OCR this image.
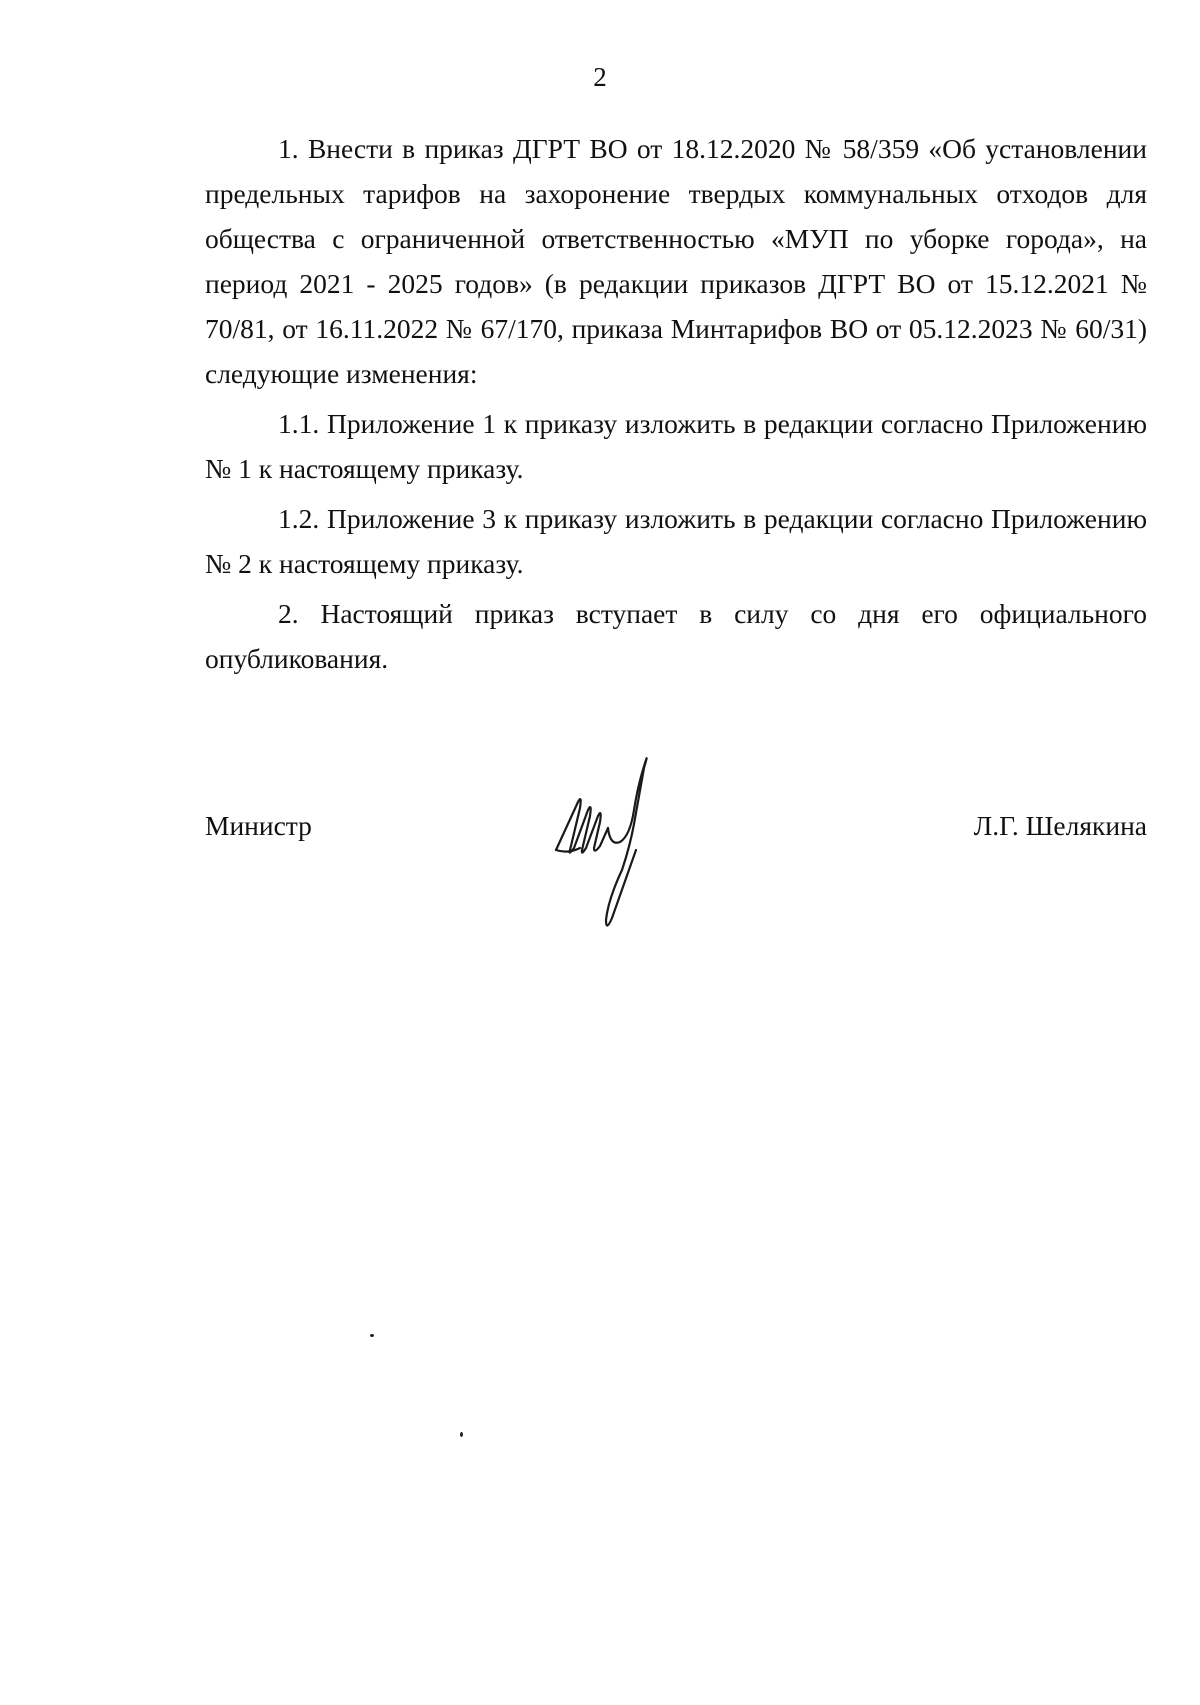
2

1. Внести в приказ ДГРТ ВО от 18.12.2020 № 58/359 «Об установлении предельных тарифов на захоронение твердых коммунальных отходов для общества с ограниченной ответственностью «МУП по уборке города», на период 2021 - 2025 годов» (в редакции приказов ДГРТ ВО от 15.12.2021 № 70/81, от 16.11.2022 № 67/170, приказа Минтарифов ВО от 05.12.2023 № 60/31) следующие изменения:

1.1. Приложение 1 к приказу изложить в редакции согласно Приложению № 1 к настоящему приказу.

1.2. Приложение 3 к приказу изложить в редакции согласно Приложению № 2 к настоящему приказу.

2. Настоящий приказ вступает в силу со дня его официального опубликования.

Министр	Л.Г. Шелякина
